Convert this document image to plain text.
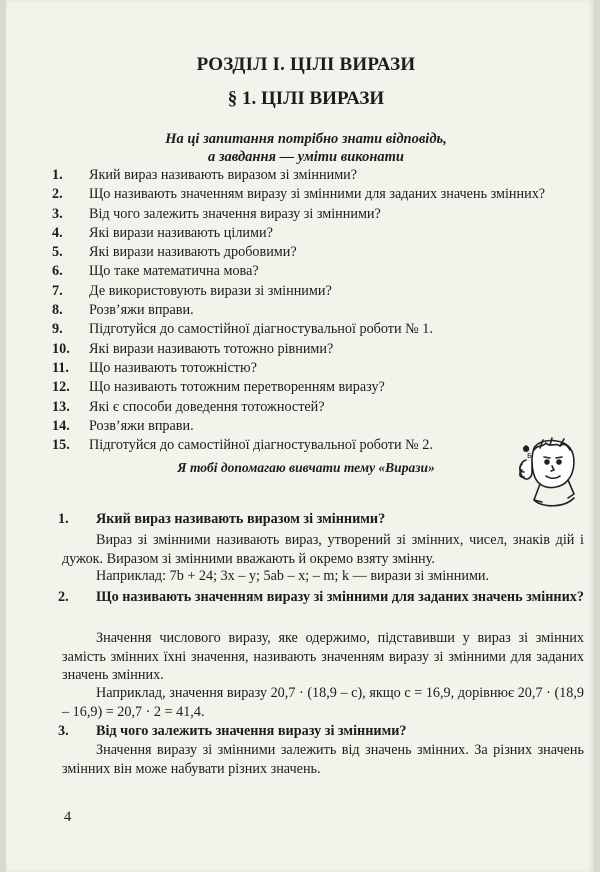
РОЗДІЛ І. ЦІЛІ ВИРАЗИ
§ 1. ЦІЛІ ВИРАЗИ
На ці запитання потрібно знати відповідь,
а завдання — уміти виконати
1.	Який вираз називають виразом зі змінними?
2.	Що називають значенням виразу зі змінними для заданих значень змінних?
3.	Від чого залежить значення виразу зі змінними?
4.	Які вирази називають цілими?
5.	Які вирази називають дробовими?
6.	Що таке математична мова?
7.	Де використовують вирази зі змінними?
8.	Розв’яжи вправи.
9.	Підготуйся до самостійної діагностувальної роботи № 1.
10.	Які вирази називають тотожно рівними?
11.	Що називають тотожністю?
12.	Що називають тотожним перетворенням виразу?
13.	Які є способи доведення тотожностей?
14.	Розв’яжи вправи.
15.	Підготуйся до самостійної діагностувальної роботи № 2.
Я тобі допомагаю вивчати тему «Вирази»
Б
1.	Який вираз називають виразом зі змінними?

Вираз зі змінними називають вираз, утворений зі змінних, чисел, знаків дій і дужок. Виразом зі змінними вважають й окремо взяту змінну.

Наприклад: 7b + 24; 3x – y; 5ab – x; – m; k — вирази зі змінними.

2.	Що називають значенням виразу зі змінними для заданих значень змінних?

Значення числового виразу, яке одержимо, підставивши у вираз зі змінних замість змінних їхні значення, називають значенням виразу зі змінними для заданих значень змінних.

Наприклад, значення виразу 20,7 · (18,9 – c), якщо c = 16,9, дорівнює 20,7 · (18,9 – 16,9) = 20,7 · 2 = 41,4.

3.	Від чого залежить значення виразу зі змінними?

Значення виразу зі змінними залежить від значень змінних. За різних значень змінних він може набувати різних значень.

4
